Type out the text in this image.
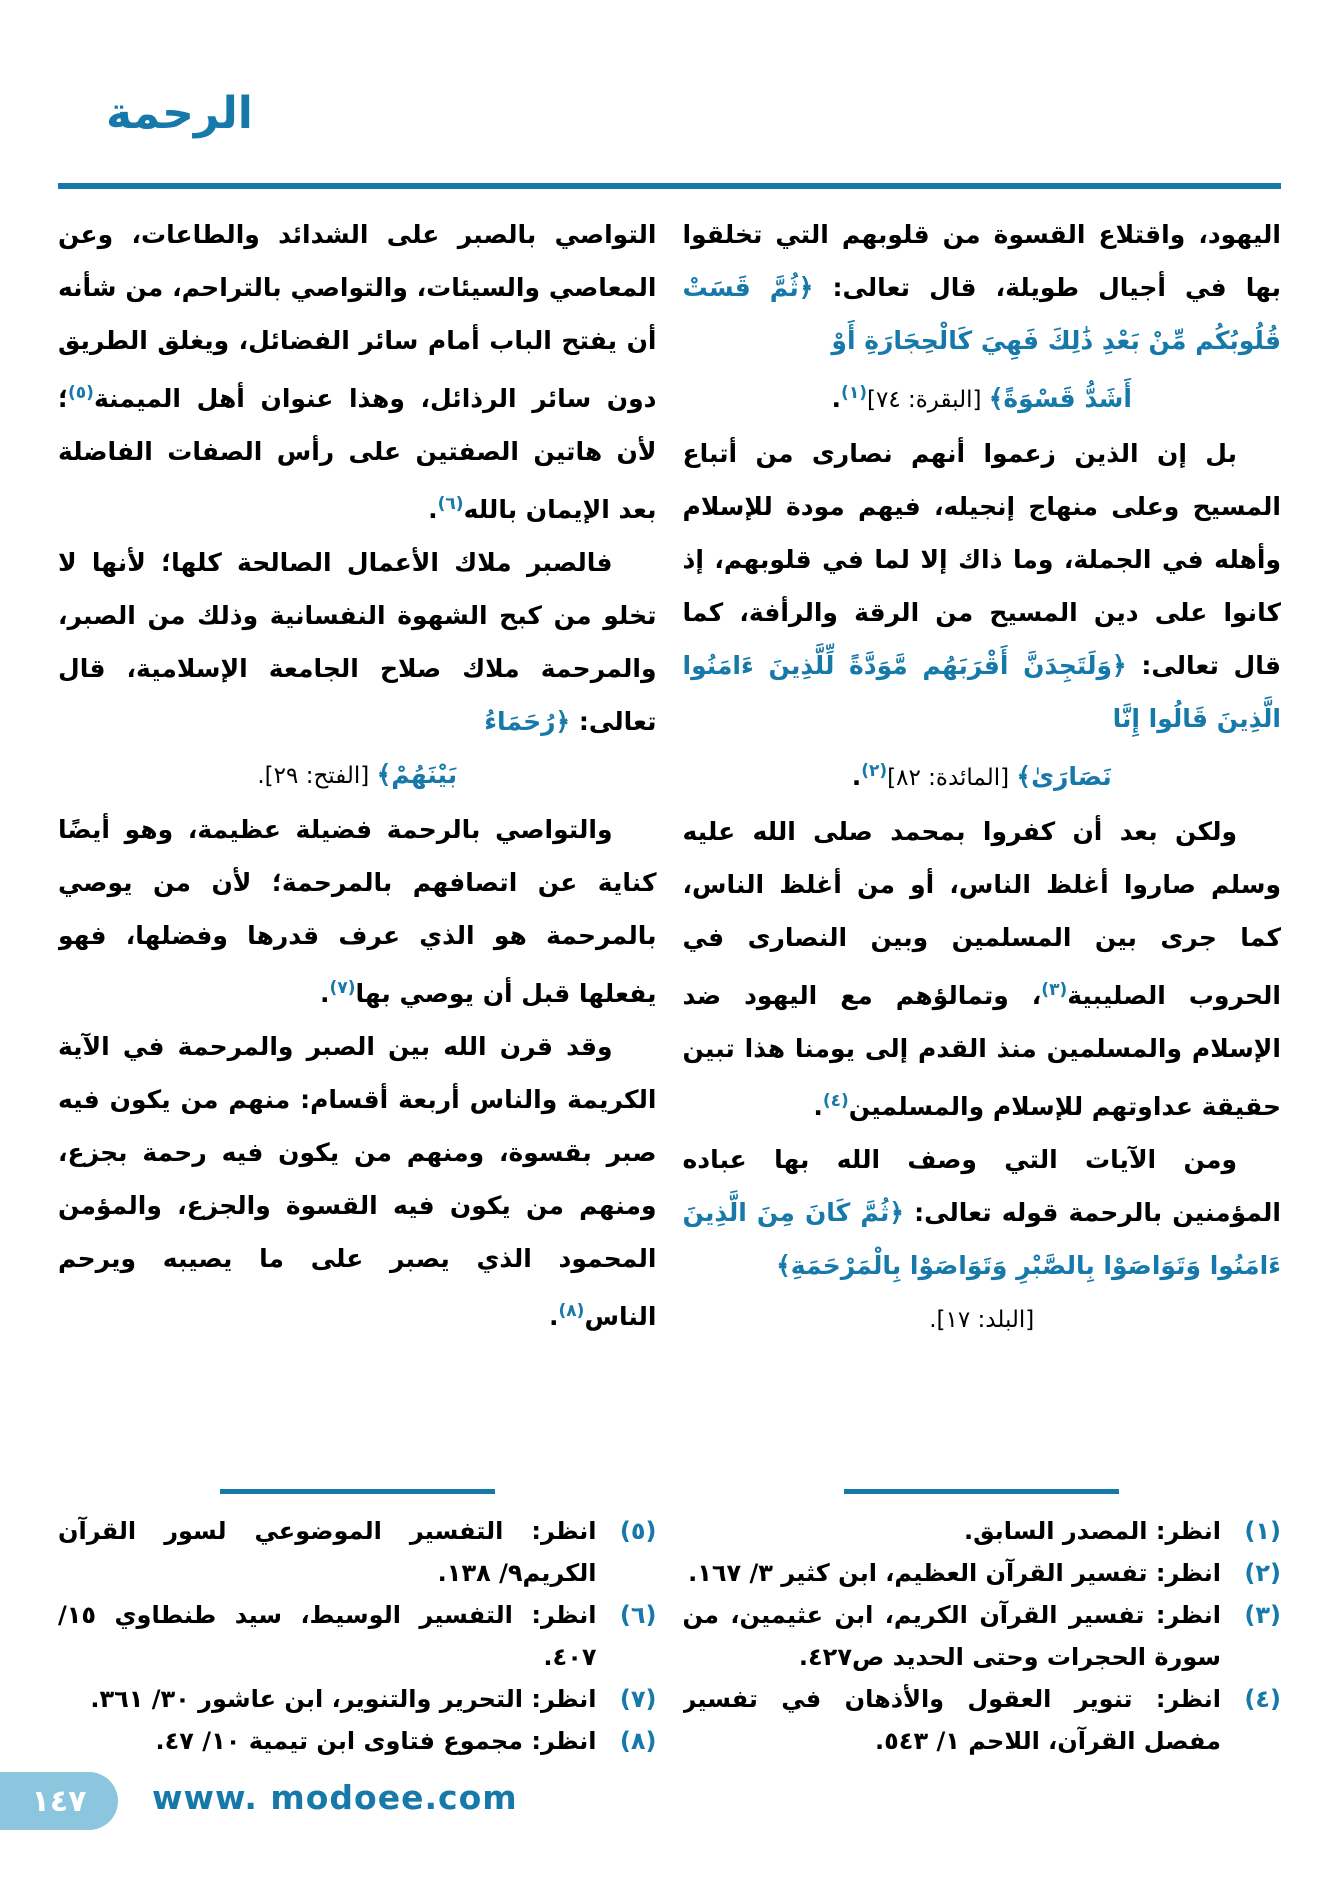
الرحمة

اليهود، واقتلاع القسوة من قلوبهم التي تخلقوا بها في أجيال طويلة، قال تعالى: ﴿ثُمَّ قَسَتْ قُلُوبُكُم مِّنْ بَعْدِ ذَٰلِكَ فَهِيَ كَالْحِجَارَةِ أَوْ
أَشَدُّ قَسْوَةً﴾ [البقرة: ٧٤]$^{(١)}$.

بل إن الذين زعموا أنهم نصارى من أتباع المسيح وعلى منهاج إنجيله، فيهم مودة للإسلام وأهله في الجملة، وما ذاك إلا لما في قلوبهم، إذ كانوا على دين المسيح من الرقة والرأفة، كما قال تعالى: ﴿وَلَتَجِدَنَّ أَقْرَبَهُم مَّوَدَّةً لِّلَّذِينَ ءَامَنُوا الَّذِينَ قَالُوا إِنَّا
نَصَارَىٰ﴾ [المائدة: ٨٢]$^{(٢)}$.

ولكن بعد أن كفروا بمحمد صلى الله عليه وسلم صاروا أغلظ الناس، أو من أغلظ الناس، كما جرى بين المسلمين وبين النصارى في الحروب الصليبية$^{(٣)}$، وتمالؤهم مع اليهود ضد الإسلام والمسلمين منذ القدم إلى يومنا هذا تبين حقيقة عداوتهم للإسلام والمسلمين$^{(٤)}$.

ومن الآيات التي وصف الله بها عباده المؤمنين بالرحمة قوله تعالى: ﴿ثُمَّ كَانَ مِنَ الَّذِينَ ءَامَنُوا وَتَوَاصَوْا بِالصَّبْرِ وَتَوَاصَوْا بِالْمَرْحَمَةِ﴾
[البلد: ١٧].

(١)
انظر: المصدر السابق.
(٢)
انظر: تفسير القرآن العظيم، ابن كثير ٣/ ١٦٧.
(٣)
انظر: تفسير القرآن الكريم، ابن عثيمين، من سورة الحجرات وحتى الحديد ص٤٢٧.
(٤)
انظر: تنوير العقول والأذهان في تفسير مفصل القرآن، اللاحم ١/ ٥٤٣.

التواصي بالصبر على الشدائد والطاعات، وعن المعاصي والسيئات، والتواصي بالتراحم، من شأنه أن يفتح الباب أمام سائر الفضائل، ويغلق الطريق دون سائر الرذائل، وهذا عنوان أهل الميمنة$^{(٥)}$؛ لأن هاتين الصفتين على رأس الصفات الفاضلة بعد الإيمان بالله$^{(٦)}$.

فالصبر ملاك الأعمال الصالحة كلها؛ لأنها لا تخلو من كبح الشهوة النفسانية وذلك من الصبر، والمرحمة ملاك صلاح الجامعة الإسلامية، قال تعالى: ﴿رُحَمَاءُ
بَيْنَهُمْ﴾ [الفتح: ٢٩].

والتواصي بالرحمة فضيلة عظيمة، وهو أيضًا كناية عن اتصافهم بالمرحمة؛ لأن من يوصي بالمرحمة هو الذي عرف قدرها وفضلها، فهو يفعلها قبل أن يوصي بها$^{(٧)}$.

وقد قرن الله بين الصبر والمرحمة في الآية الكريمة والناس أربعة أقسام: منهم من يكون فيه صبر بقسوة، ومنهم من يكون فيه رحمة بجزع، ومنهم من يكون فيه القسوة والجزع، والمؤمن المحمود الذي يصبر على ما يصيبه ويرحم الناس$^{(٨)}$.

(٥)
انظر: التفسير الموضوعي لسور القرآن الكريم٩/ ١٣٨.
(٦)
انظر: التفسير الوسيط، سيد طنطاوي ١٥/ ٤٠٧.
(٧)
انظر: التحرير والتنوير، ابن عاشور ٣٠/ ٣٦١.
(٨)
انظر: مجموع فتاوى ابن تيمية ١٠/ ٤٧.
١٤٧ www. modoee.com
